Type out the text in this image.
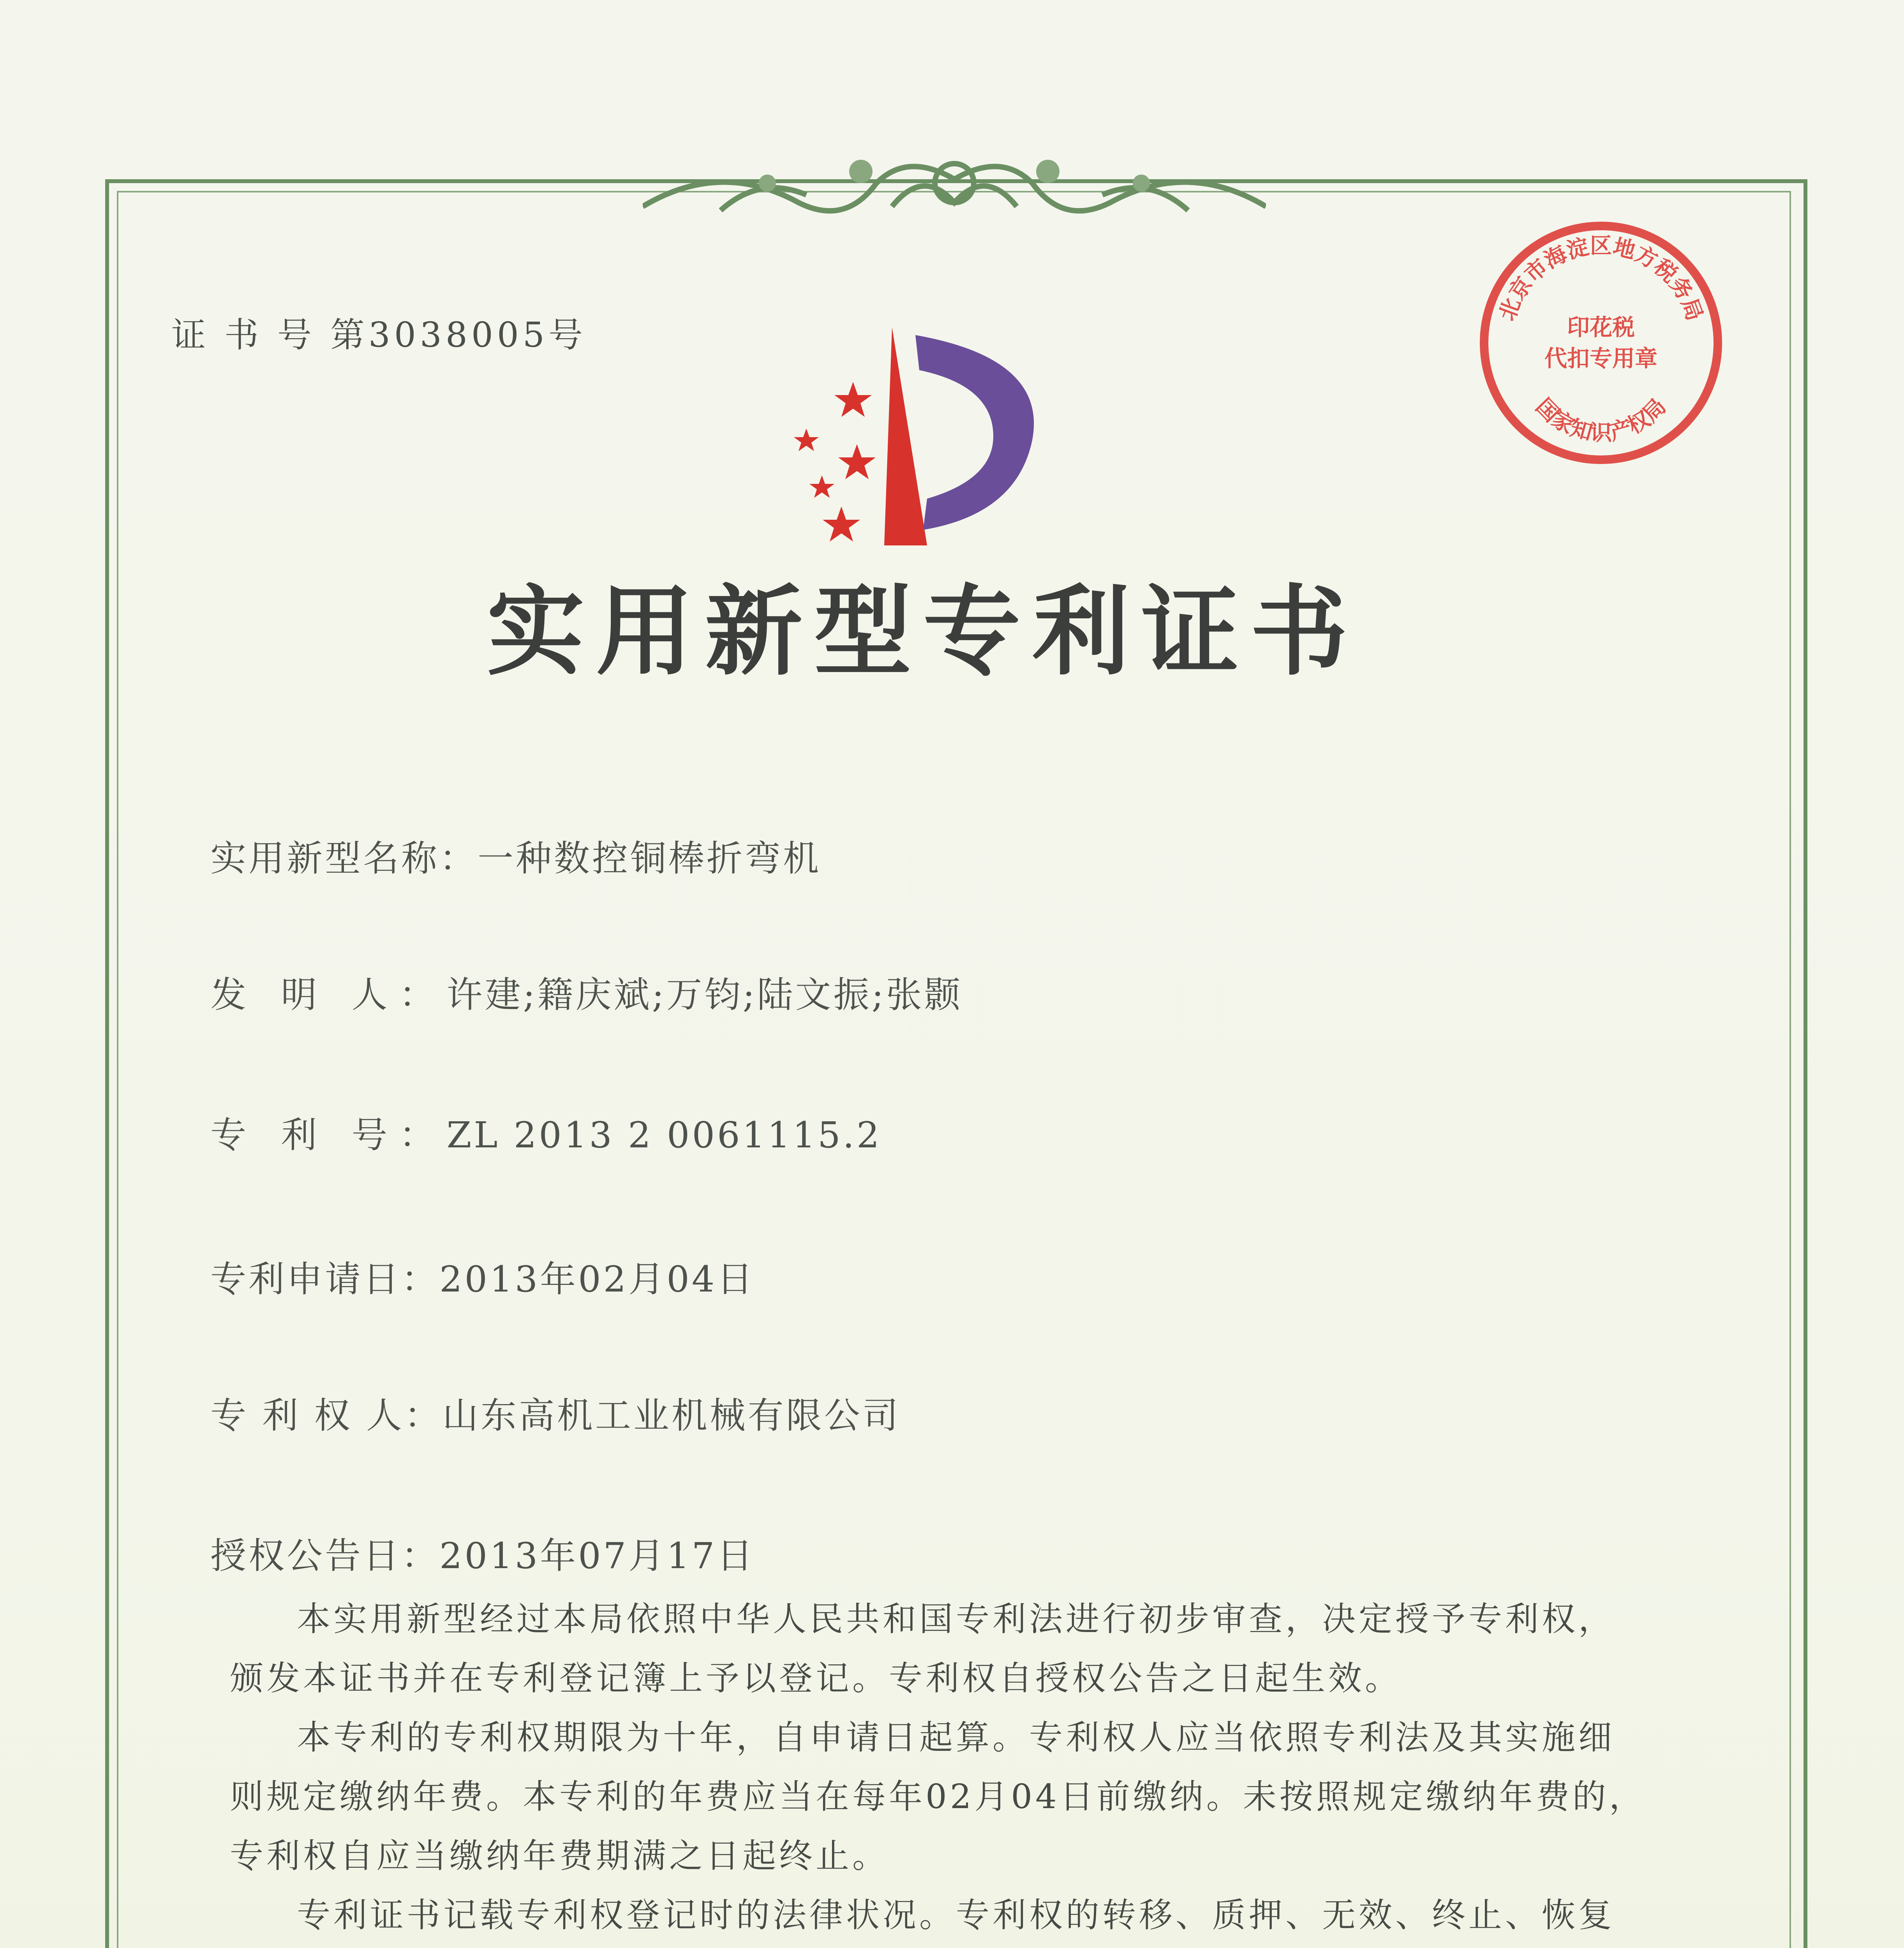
证 书 号 第3038005号
北京市海淀区地方税务局
印花税
代扣专用章
国家知识产权局
实用新型专利证书
实用新型名称：一种数控铜棒折弯机
发 明 人：许建;籍庆斌;万钧;陆文振;张颢
专 利 号：ZL 2013 2 0061115.2
专利申请日：2013年02月04日
专 利 权 人：山东高机工业机械有限公司
授权公告日：2013年07月17日

本实用新型经过本局依照中华人民共和国专利法进行初步审查，决定授予专利权，颁发本证书并在专利登记簿上予以登记。专利权自授权公告之日起生效。

本专利的专利权期限为十年，自申请日起算。专利权人应当依照专利法及其实施细则规定缴纳年费。本专利的年费应当在每年02月04日前缴纳。未按照规定缴纳年费的，专利权自应当缴纳年费期满之日起终止。

专利证书记载专利权登记时的法律状况。专利权的转移、质押、无效、终止、恢复
